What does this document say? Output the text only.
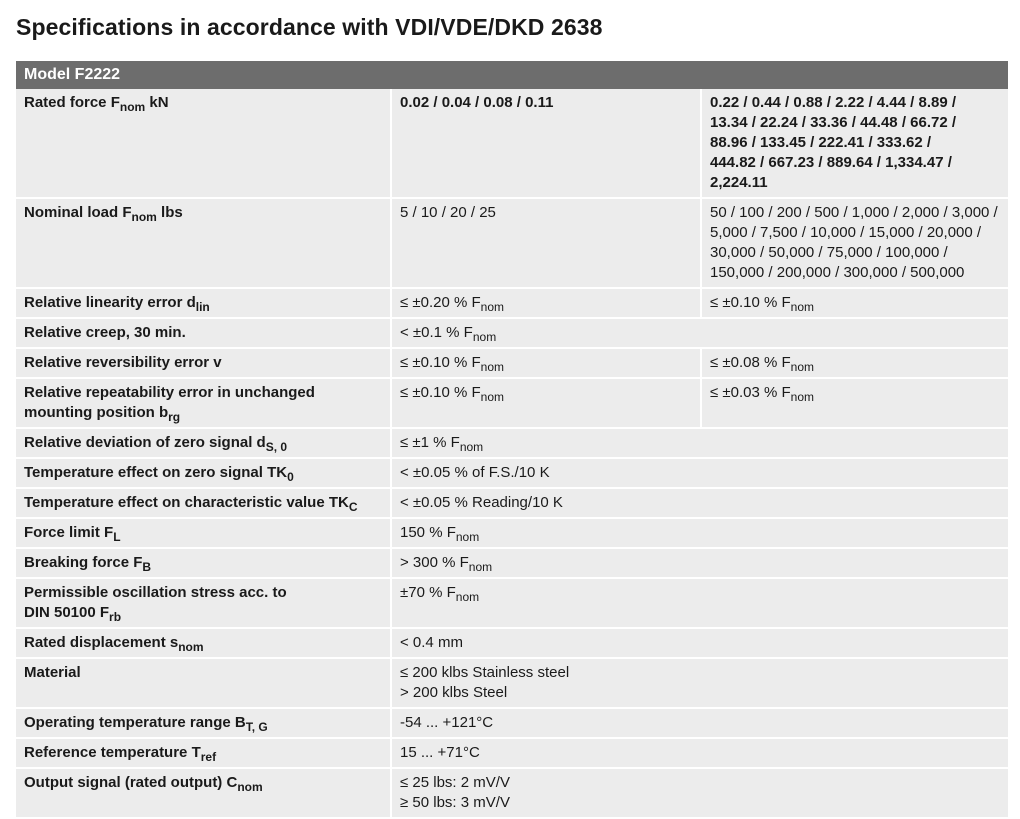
Specifications in accordance with VDI/VDE/DKD 2638
Model F2222		
Rated force $F_{nom}$ kN	0.02 / 0.04 / 0.08 / 0.11	0.22 / 0.44 / 0.88 / 2.22 / 4.44 / 8.89 /
13.34 / 22.24 / 33.36 / 44.48 / 66.72 /
88.96 / 133.45 / 222.41 / 333.62 /
444.82 / 667.23 / 889.64 / 1,334.47 /
2,224.11

Nominal load $F_{nom}$ lbs	5 / 10 / 20 / 25	50 / 100 / 200 / 500 / 1,000 / 2,000 / 3,000 /
5,000 / 7,500 / 10,000 / 15,000 / 20,000 /
30,000 / 50,000 / 75,000 / 100,000 /
150,000 / 200,000 / 300,000 / 500,000

Relative linearity error $d_{lin}$	≤ ±0.20 % $F_{nom}$	≤ ±0.10 % $F_{nom}$
Relative creep, 30 min.	< ±0.1 % $F_{nom}$
Relative reversibility error v	≤ ±0.10 % $F_{nom}$	≤ ±0.08 % $F_{nom}$
Relative repeatability error in unchanged
mounting position $b_{rg}$	≤ ±0.10 % $F_{nom}$	≤ ±0.03 % $F_{nom}$
Relative deviation of zero signal $d_{S, 0}$	≤ ±1 % $F_{nom}$
Temperature effect on zero signal $TK_0$	< ±0.05 % of F.S./10 K	
Temperature effect on characteristic value $TK_C$	< ±0.05 % Reading/10 K	
Force limit $F_L$	150 % $F_{nom}$
Breaking force $F_B$	> 300 % $F_{nom}$
Permissible oscillation stress acc. to
DIN 50100 $F_{rb}$	±70 % $F_{nom}$
Rated displacement $s_{nom}$	< 0.4 mm	
Material	≤ 200 klbs Stainless steel
> 200 klbs Steel	

Operating temperature range $B_{T, G}$	-54 ... +121°C	
Reference temperature $T_{ref}$	15 ... +71°C	
Output signal (rated output) $C_{nom}$	≤ 25 lbs: 2 mV/V
≥ 50 lbs: 3 mV/V	
